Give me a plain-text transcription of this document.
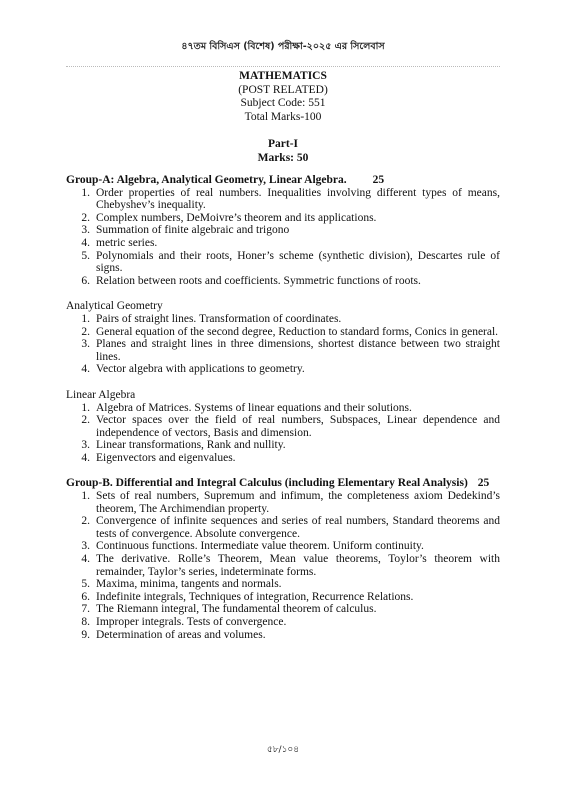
৪৭তম বিসিএস (বিশেষ) পরীক্ষা-২০২৫ এর সিলেবাস
MATHEMATICS
(POST RELATED)
Subject Code: 551
Total Marks-100
Part-I
Marks: 50
Group-A: Algebra, Analytical Geometry, Linear Algebra. 25
1. Order properties of real numbers. Inequalities involving different types of means, Chebyshev’s inequality.
2. Complex numbers, DeMoivre’s theorem and its applications.
3. Summation of finite algebraic and trigono
4. metric series.
5. Polynomials and their roots, Honer’s scheme (synthetic division), Descartes rule of signs.
6. Relation between roots and coefficients. Symmetric functions of roots.
Analytical Geometry
1. Pairs of straight lines. Transformation of coordinates.
2. General equation of the second degree, Reduction to standard forms, Conics in general.
3. Planes and straight lines in three dimensions, shortest distance between two straight lines.
4. Vector algebra with applications to geometry.
Linear Algebra
1. Algebra of Matrices. Systems of linear equations and their solutions.
2. Vector spaces over the field of real numbers, Subspaces, Linear dependence and independence of vectors, Basis and dimension.
3. Linear transformations, Rank and nullity.
4. Eigenvectors and eigenvalues.
Group-B. Differential and Integral Calculus (including Elementary Real Analysis) 25
1. Sets of real numbers, Supremum and infimum, the completeness axiom Dedekind’s theorem, The Archimendian property.
2. Convergence of infinite sequences and series of real numbers, Standard theorems and tests of convergence. Absolute convergence.
3. Continuous functions. Intermediate value theorem. Uniform continuity.
4. The derivative. Rolle’s Theorem, Mean value theorems, Toylor’s theorem with remainder, Taylor’s series, indeterminate forms.
5. Maxima, minima, tangents and normals.
6. Indefinite integrals, Techniques of integration, Recurrence Relations.
7. The Riemann integral, The fundamental theorem of calculus.
8. Improper integrals. Tests of convergence.
9. Determination of areas and volumes.
৫৮/১০৪
